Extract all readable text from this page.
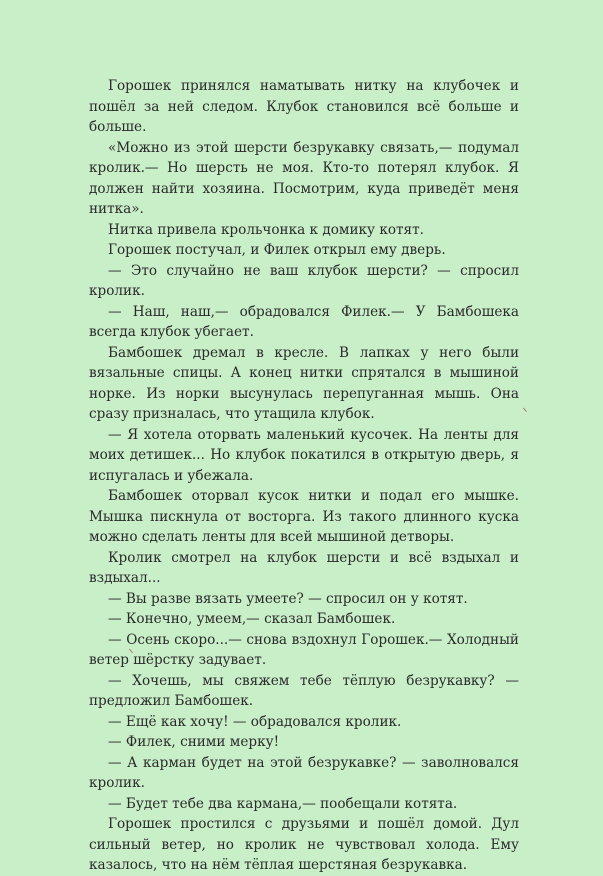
Горошек принялся наматывать нитку на клубочек и пошёл за ней следом. Клубок становился всё больше и больше.

«Можно из этой шерсти безрукавку связать,— подумал кролик.— Но шерсть не моя. Кто-то потерял клубок. Я должен найти хозяина. Посмотрим, куда приведёт меня нитка».

Нитка привела крольчонка к домику котят.

Горошек постучал, и Филек открыл ему дверь.

— Это случайно не ваш клубок шерсти? — спросил кролик.

— Наш, наш,— обрадовался Филек.— У Бамбошека всегда клубок убегает.

Бамбошек дремал в кресле. В лапках у него были вязальные спицы. А конец нитки спрятался в мышиной норке. Из норки высунулась перепуганная мышь. Она сразу призналась, что утащила клубок.

— Я хотела оторвать маленький кусочек. На ленты для моих детишек... Но клубок покатился в открытую дверь, я испугалась и убежала.

Бамбошек оторвал кусок нитки и подал его мышке. Мышка пискнула от восторга. Из такого длинного куска можно сделать ленты для всей мышиной детворы.

Кролик смотрел на клубок шерсти и всё вздыхал и вздыхал...

— Вы разве вязать умеете? — спросил он у котят.

— Конечно, умеем,— сказал Бамбошек.

— Осень скоро...— снова вздохнул Горошек.— Холодный ветер шёрстку задувает.

— Хочешь, мы свяжем тебе тёплую безрукавку? — предложил Бамбошек.

— Ещё как хочу! — обрадовался кролик.

— Филек, сними мерку!

— А карман будет на этой безрукавке? — заволновался кролик.

— Будет тебе два кармана,— пообещали котята.

Горошек простился с друзьями и пошёл домой. Дул сильный ветер, но кролик не чувствовал холода. Ему казалось, что на нём тёплая шерстяная безрукавка.
